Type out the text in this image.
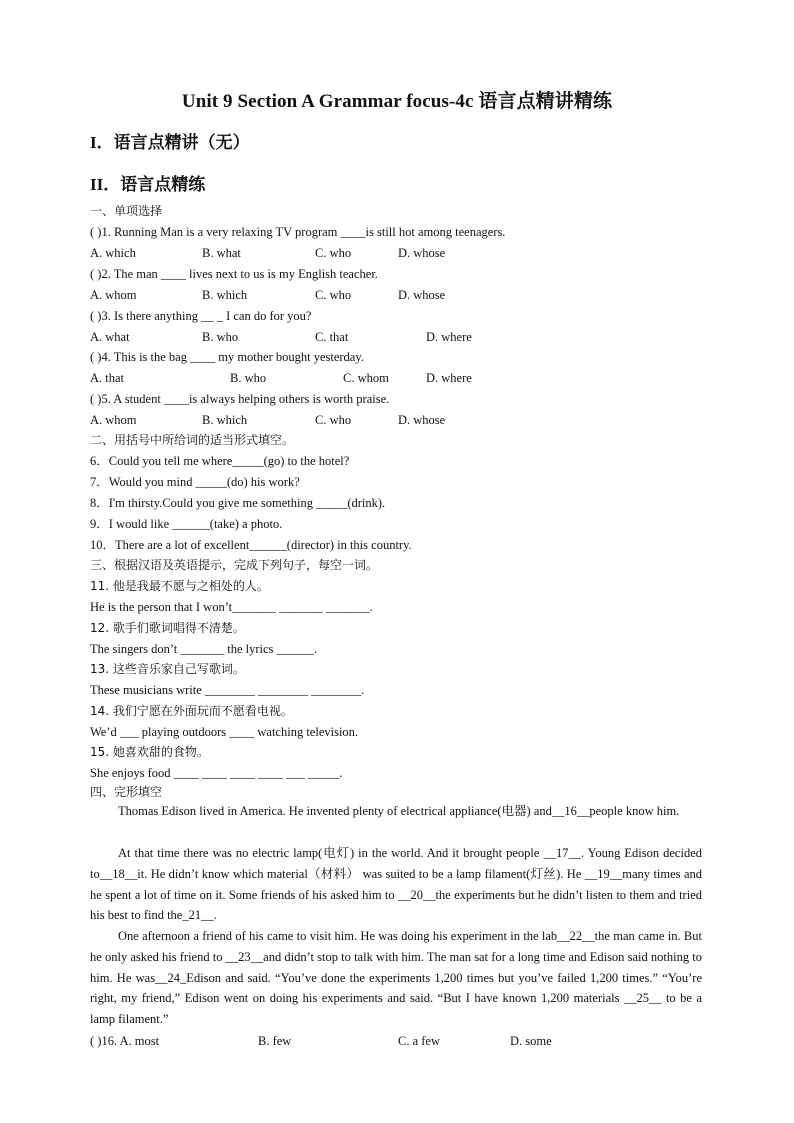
Unit 9 Section A Grammar focus-4c 语言点精讲精练
I．语言点精讲（无）
II．语言点精练
一、单项选择
( )1. Running Man is a very relaxing TV program ____is still hot among teenagers.
A. which	B. what	C. who	D. whose
( )2. The man ____ lives next to us is my English teacher.
A. whom	B. which	C. who	D. whose
( )3. Is there anything __ _ I can do for you?
A. what	B. who	C. that	D. where
( )4. This is the bag ____ my mother bought yesterday.
A. that	B. who	C. whom	D. where
( )5. A student ____is always helping others is worth praise.
A. whom	B. which	C. who	D. whose
二、用括号中所给词的适当形式填空。
6．Could you tell me where_____(go) to the hotel?
7．Would you mind _____(do) his work?
8．I'm thirsty.Could you give me something _____(drink).
9．I would like ______(take) a photo.
10．There are a lot of excellent______(director) in this country.
三、根据汉语及英语提示，完成下列句子，每空一词。
11. 他是我最不愿与之相处的人。
He is the person that I won’t_______ _______ _______.
12. 歌手们歌词唱得不清楚。
The singers don’t _______ the lyrics ______.
13. 这些音乐家自己写歌词。
These musicians write ________ ________ ________.
14. 我们宁愿在外面玩而不愿看电视。
We’d ___ playing outdoors ____ watching television.
15. 她喜欢甜的食物。
She enjoys food ____ ____ ____ ____ ___ _____.
四、完形填空
Thomas Edison lived in America. He invented plenty of electrical appliance(电器) and__16__people know him.
At that time there was no electric lamp(电灯) in the world. And it brought people __17__. Young Edison decided to__18__it. He didn’t know which material（材料） was suited to be a lamp filament(灯丝). He __19__many times and he spent a lot of time on it. Some friends of his asked him to __20__the experiments but he didn’t listen to them and tried his best to find the_21__.
One afternoon a friend of his came to visit him. He was doing his experiment in the lab__22__the man came in. But he only asked his friend to __23__and didn’t stop to talk with him. The man sat for a long time and Edison said nothing to him. He was__24_Edison and said. “You’ve done the experiments 1,200 times but you’ve failed 1,200 times.” “You’re right, my friend,” Edison went on doing his experiments and said. “But I have known 1,200 materials __25__ to be a lamp filament.”
( )16. A. most	B. few	C. a few	D. some
